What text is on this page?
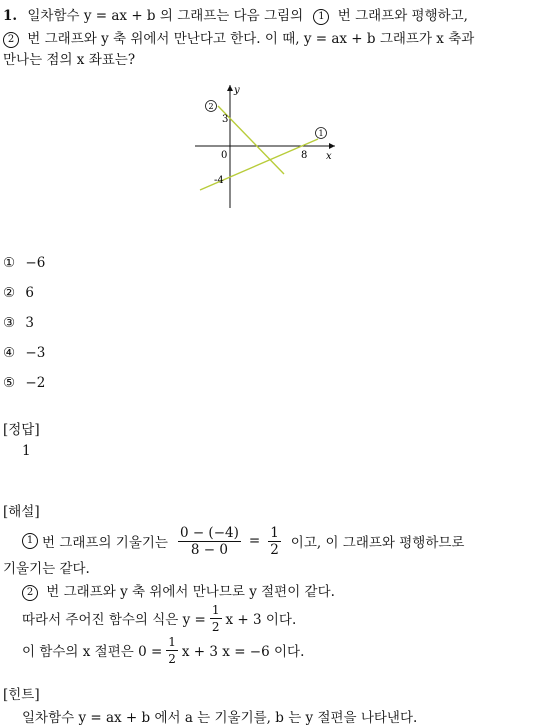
1. 일차함수 y = ax + b 의 그래프는 다음 그림의 1 번 그래프와 평행하고,
2 번 그래프와 y 축 위에서 만난다고 한다. 이 때, y = ax + b 그래프가 x 축과
만나는 점의 x 좌표는?
y
x
0
3
-4
8
2
1
① −6
② 6
③ 3
④ −3
⑤ −2
[정답]
1
[해설]
1 번 그래프의 기울기는 $\frac{0 - (-4)}{8 - 0} = \frac{1}{2}$ 이고, 이 그래프와 평행하므로
기울기는 같다.
2 번 그래프와 y 축 위에서 만나므로 y 절편이 같다.
따라서 주어진 함수의 식은 $y = \frac{1}{2}$ x + 3 이다.
이 함수의 x 절편은 $0 = \frac{1}{2}$ x + 3 x = −6 이다.
[힌트]
일차함수 y = ax + b 에서 a 는 기울기를, b 는 y 절편을 나타낸다.
